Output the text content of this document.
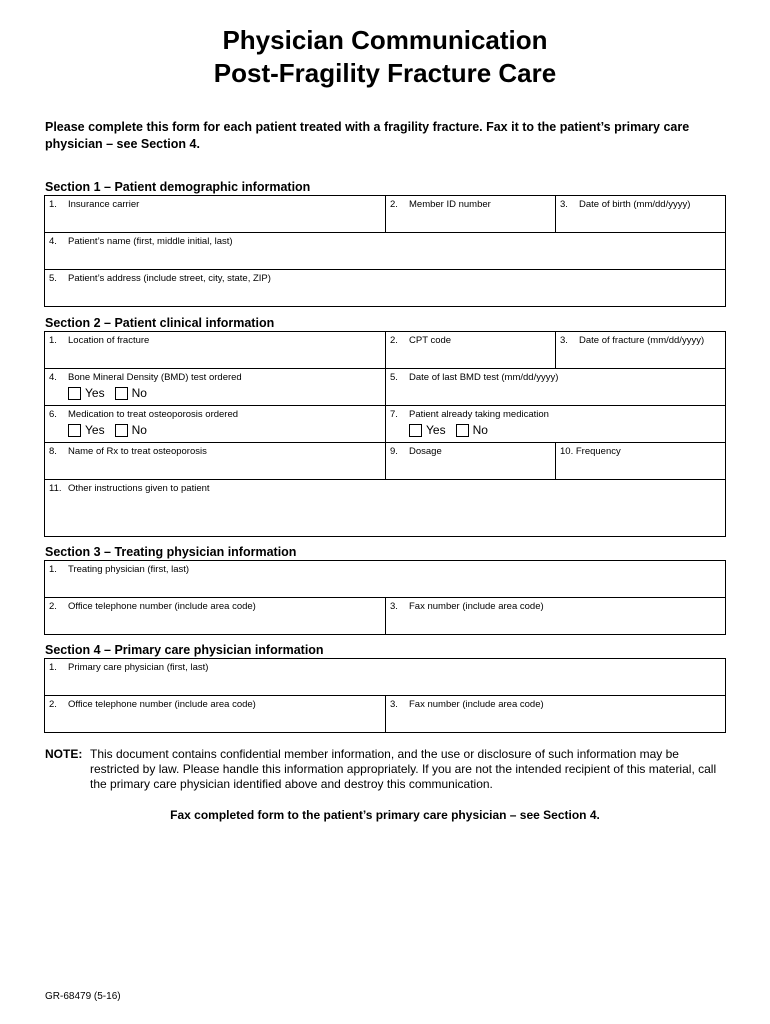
Physician Communication
Post-Fragility Fracture Care
Please complete this form for each patient treated with a fragility fracture. Fax it to the patient’s primary care physician – see Section 4.
Section 1 – Patient demographic information
1. Insurance carrier	2. Member ID number	3. Date of birth (mm/dd/yyyy)

4. Patient’s name (first, middle initial, last)

5. Patient’s address (include street, city, state, ZIP)
Section 2 – Patient clinical information
1. Location of fracture	2. CPT code	3. Date of fracture (mm/dd/yyyy)

4. Bone Mineral Density (BMD) test ordered
Yes No	5. Date of last BMD test (mm/dd/yyyy)	

6. Medication to treat osteoporosis ordered
Yes No	7. Patient already taking medication
Yes No	

8. Name of Rx to treat osteoporosis	9. Dosage	10. Frequency

11. Other instructions given to patient		
Section 3 – Treating physician information
1. Treating physician (first, last)

2. Office telephone number (include area code)	3. Fax number (include area code)
Section 4 – Primary care physician information
1. Primary care physician (first, last)

2. Office telephone number (include area code)	3. Fax number (include area code)
NOTE: This document contains confidential member information, and the use or disclosure of such information may be restricted by law. Please handle this information appropriately. If you are not the intended recipient of this material, call the primary care physician identified above and destroy this communication.
Fax completed form to the patient’s primary care physician – see Section 4.
GR-68479 (5-16)
